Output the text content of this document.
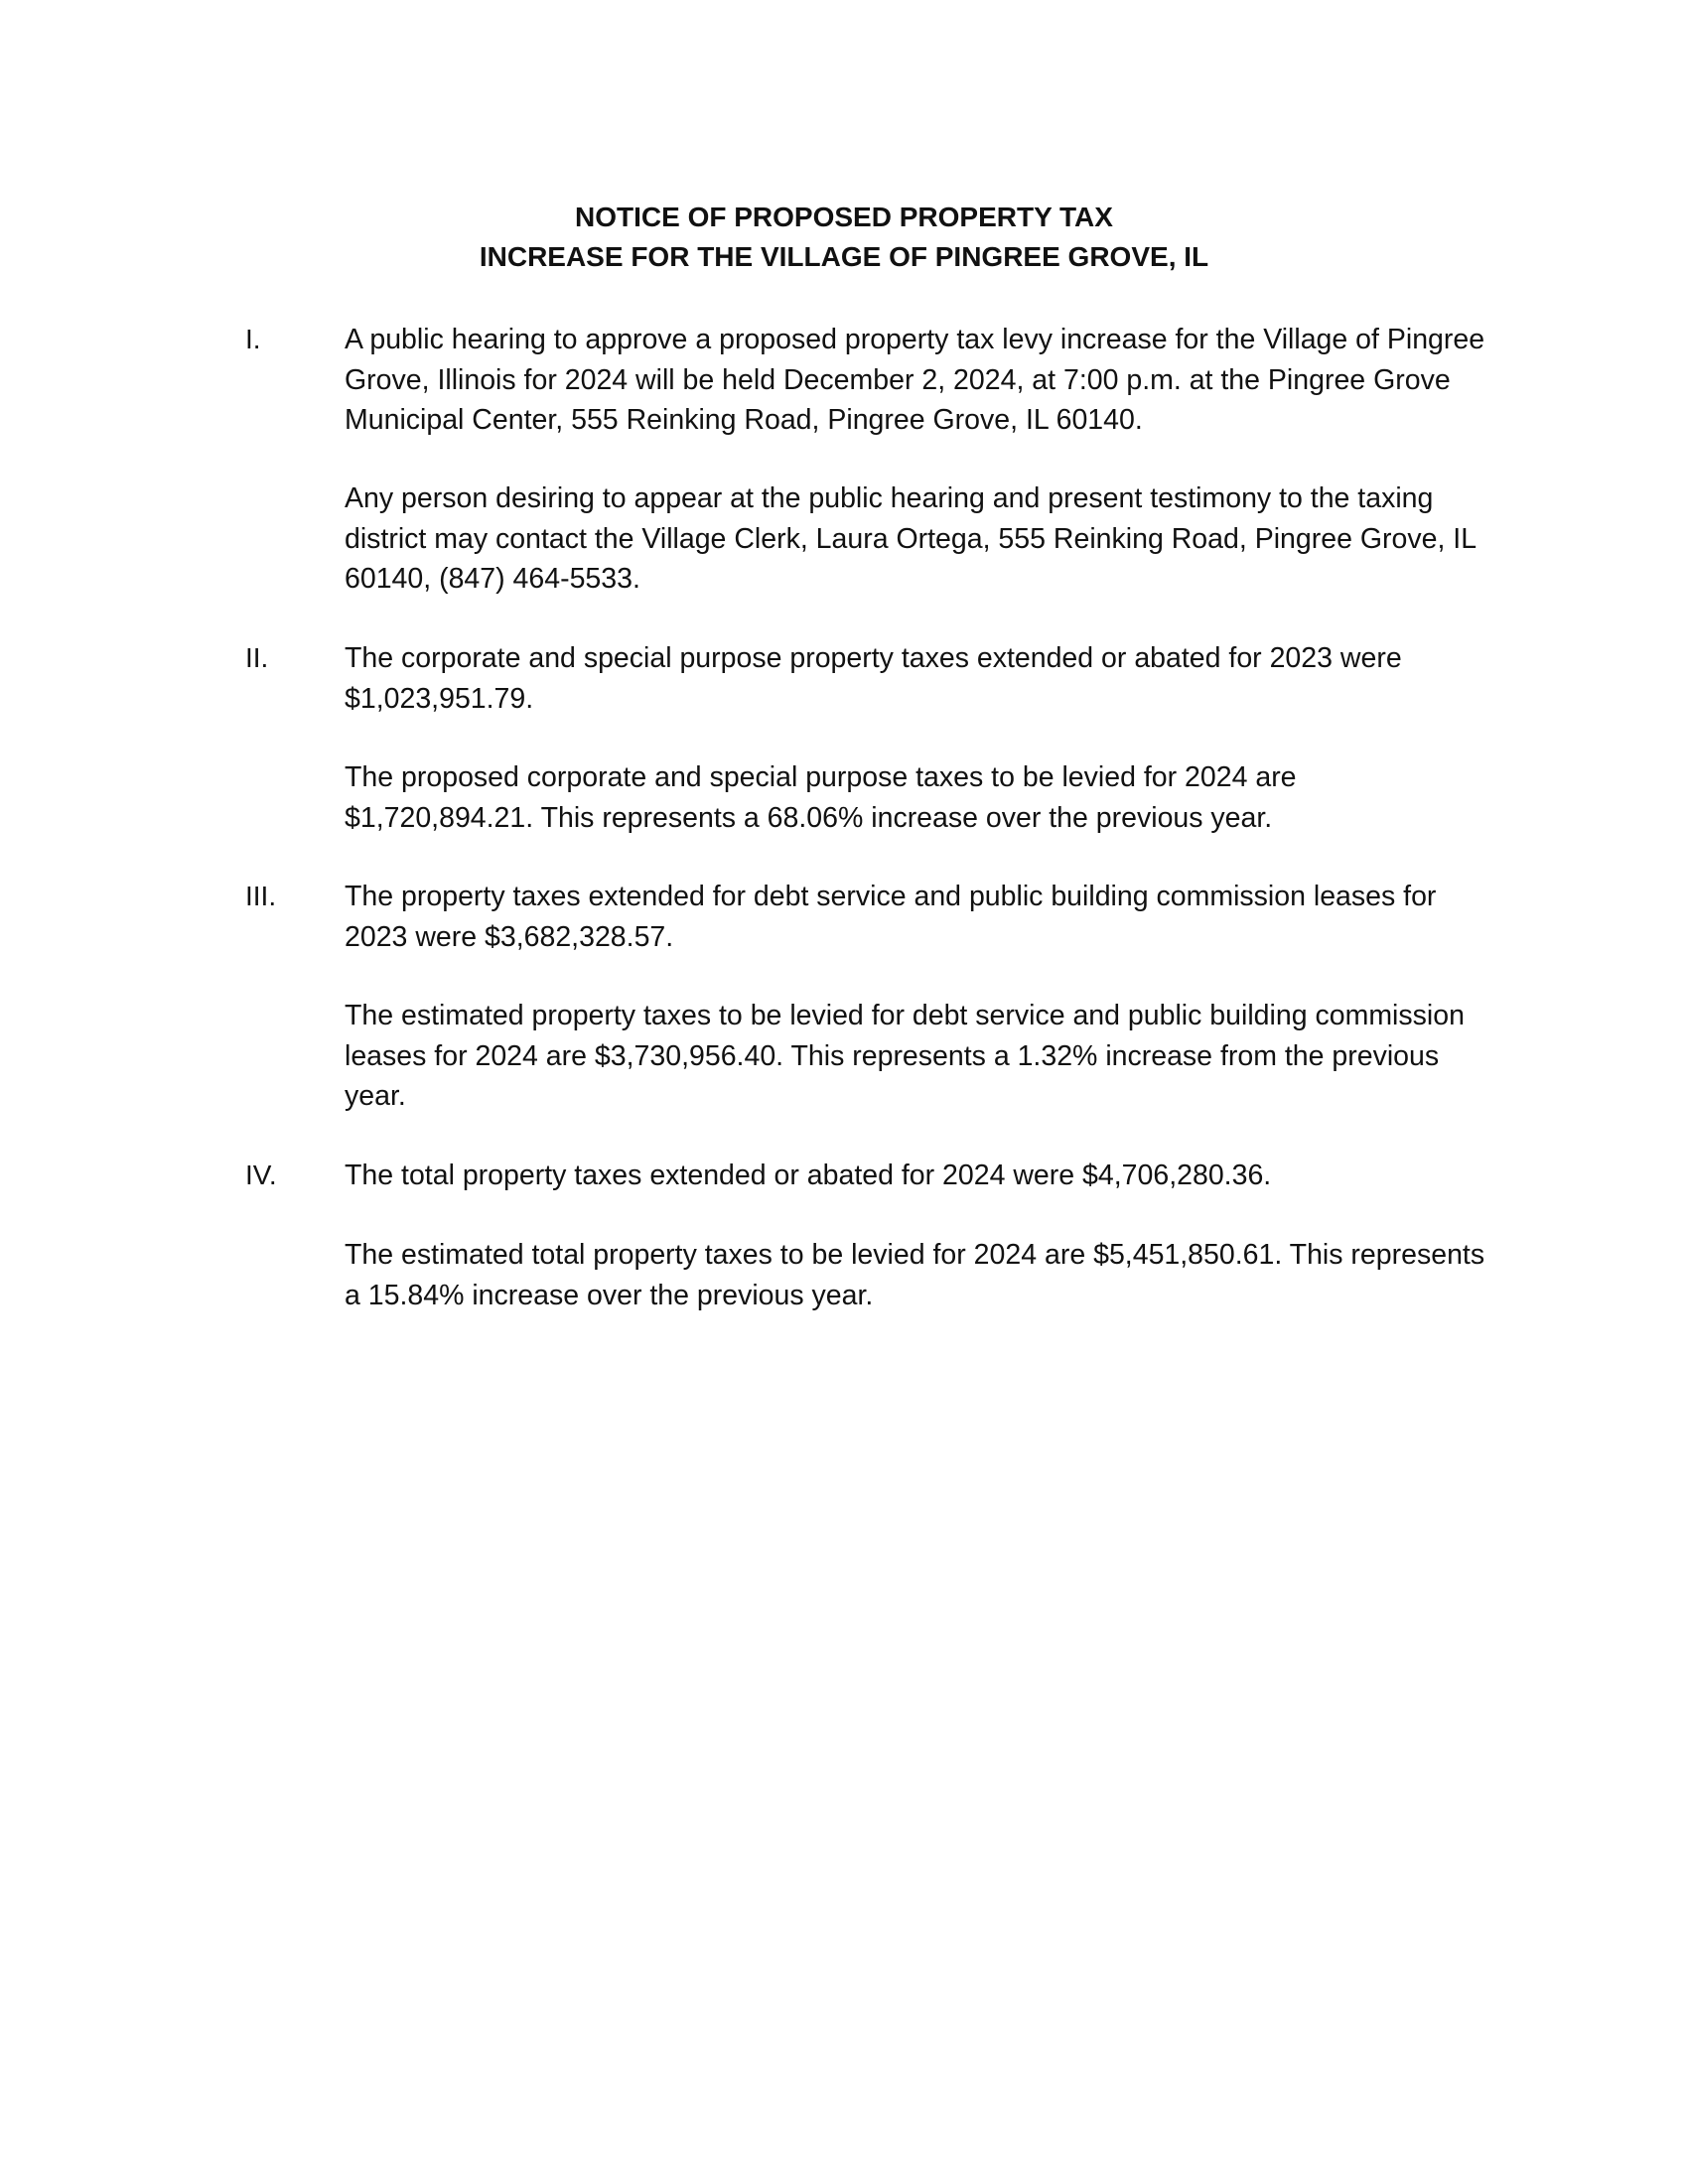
NOTICE OF PROPOSED PROPERTY TAX
INCREASE FOR THE VILLAGE OF PINGREE GROVE, IL
I.	A public hearing to approve a proposed property tax levy increase for the Village of Pingree Grove, Illinois for 2024 will be held December 2, 2024, at 7:00 p.m. at the Pingree Grove Municipal Center, 555 Reinking Road, Pingree Grove, IL 60140.

Any person desiring to appear at the public hearing and present testimony to the taxing district may contact the Village Clerk, Laura Ortega, 555 Reinking Road, Pingree Grove, IL 60140, (847) 464-5533.

II.	The corporate and special purpose property taxes extended or abated for 2023 were $1,023,951.79.

The proposed corporate and special purpose taxes to be levied for 2024 are $1,720,894.21. This represents a 68.06% increase over the previous year.

III. The property taxes extended for debt service and public building commission leases for 2023 were $3,682,328.57.

The estimated property taxes to be levied for debt service and public building commission leases for 2024 are $3,730,956.40. This represents a 1.32% increase from the previous year.

IV. The total property taxes extended or abated for 2024 were $4,706,280.36.

The estimated total property taxes to be levied for 2024 are $5,451,850.61. This represents a 15.84% increase over the previous year.
